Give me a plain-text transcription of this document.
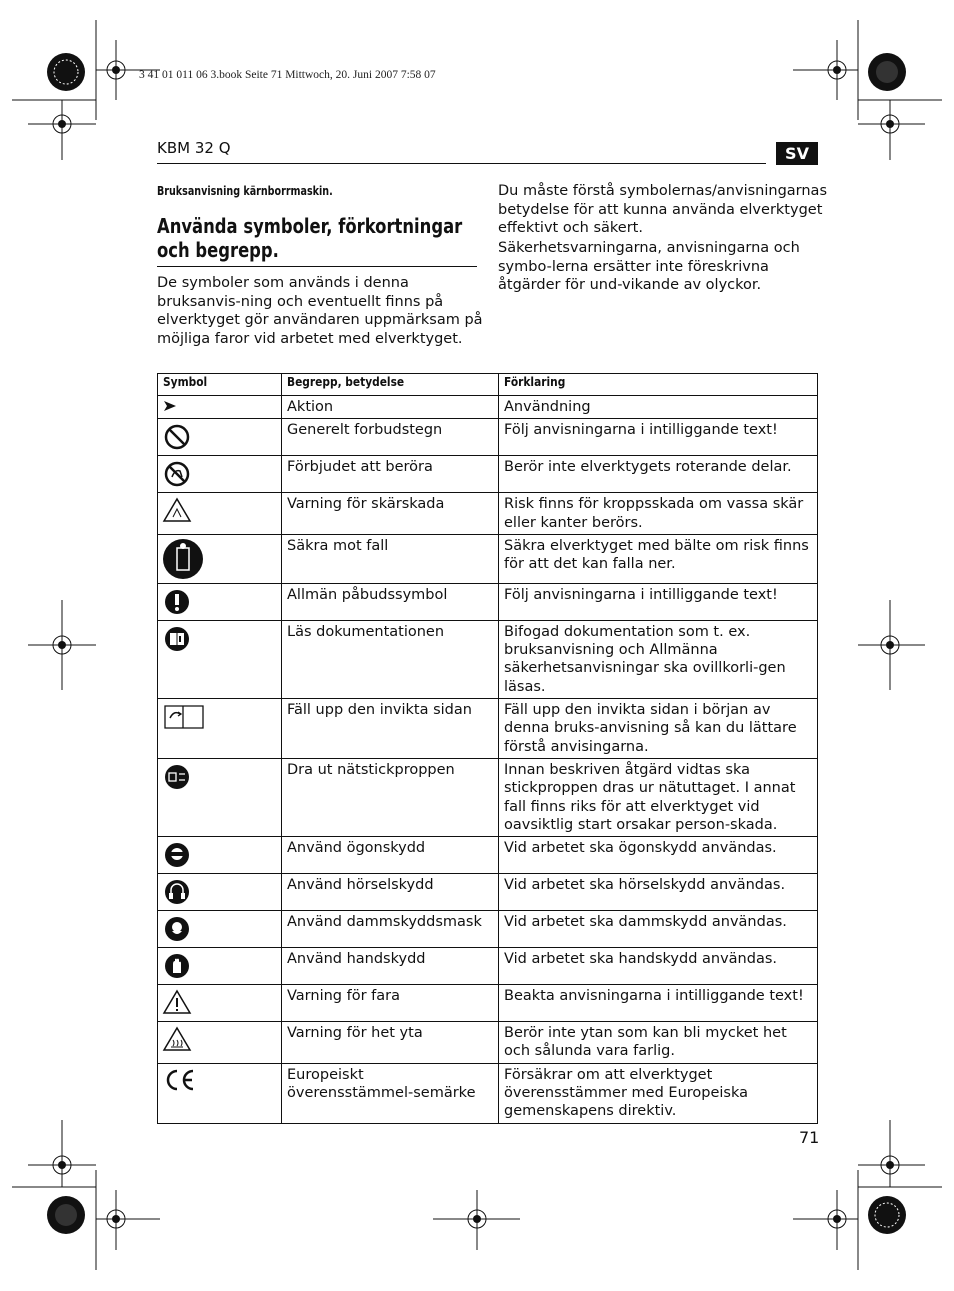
3 41 01 011 06 3.book Seite 71 Mittwoch, 20. Juni 2007 7:58 07
KBM 32 Q	SV
Bruksanvisning kärnborrmaskin.
Använda symboler, förkortningar och begrepp.
De symboler som används i denna bruksanvis-ning och eventuellt finns på elverktyget gör användaren uppmärksam på möjliga faror vid arbetet med elverktyget.
Du måste förstå symbolernas/anvisningarnas betydelse för att kunna använda elverktyget effektivt och säkert.
Säkerhetsvarningarna, anvisningarna och symbo-lerna ersätter inte föreskrivna åtgärder för und-vikande av olyckor.
Symbol	Begrepp, betydelse	Förklaring

	Aktion	Användning

	Generelt forbudstegn	Följ anvisningarna i intilliggande text!

	Förbjudet att beröra	Berör inte elverktygets roterande delar.

	Varning för skärskada	Risk finns för kroppsskada om vassa skär eller kanter berörs.

	Säkra mot fall	Säkra elverktyget med bälte om risk finns för att det kan falla ner.

	Allmän påbudssymbol	Följ anvisningarna i intilliggande text!

	Läs dokumentationen	Bifogad dokumentation som t. ex. bruksanvisning och Allmänna säkerhetsanvisningar ska ovillkorli-gen läsas.

	Fäll upp den invikta sidan	Fäll upp den invikta sidan i början av denna bruks-anvisning så kan du lättare förstå anvisingarna.

	Dra ut nätstickproppen	Innan beskriven åtgärd vidtas ska stickproppen dras ur nätuttaget. I annat fall finns riks för att elverktyget vid oavsiktlig start orsakar person-skada.

	Använd ögonskydd	Vid arbetet ska ögonskydd användas.

	Använd hörselskydd	Vid arbetet ska hörselskydd användas.

	Använd dammskyddsmask	Vid arbetet ska dammskydd användas.

	Använd handskydd	Vid arbetet ska handskydd användas.

	Varning för fara	Beakta anvisningarna i intilliggande text!

	Varning för het yta	Berör inte ytan som kan bli mycket het och sålunda vara farlig.

	Europeiskt överensstämmel-semärke	Försäkrar om att elverktyget överensstämmer med Europeiska gemenskapens direktiv.
71
